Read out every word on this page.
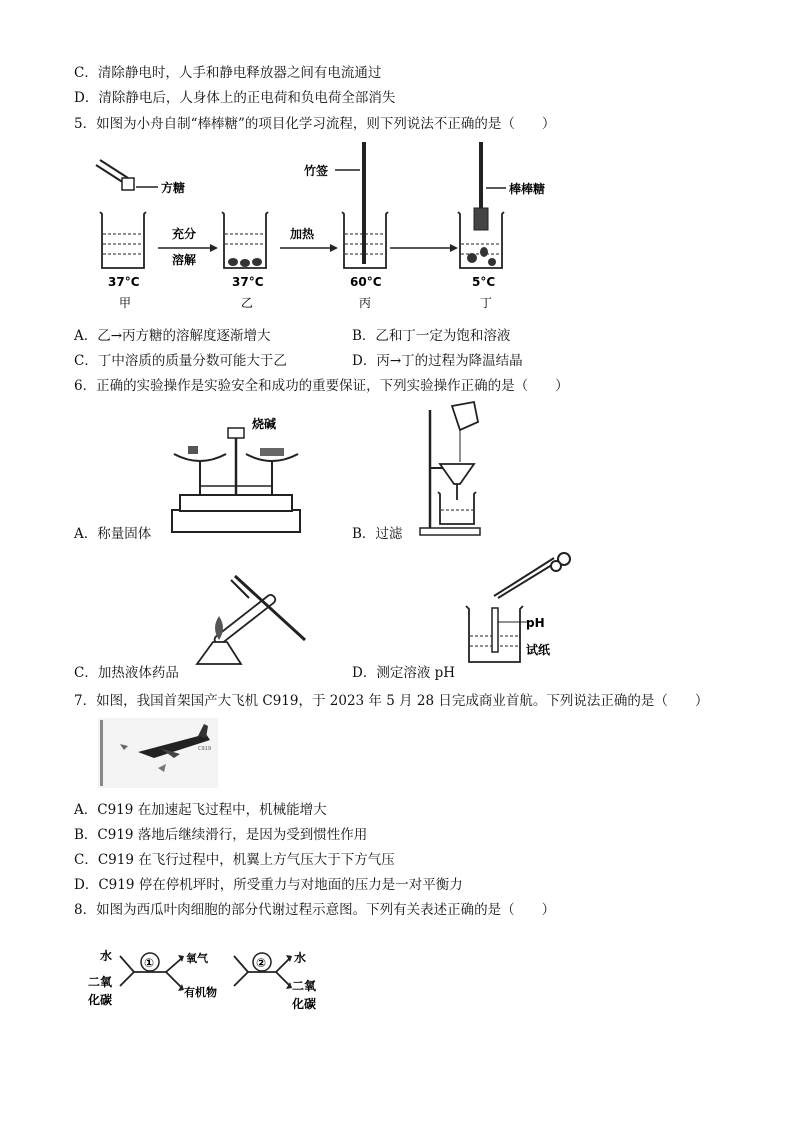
C．清除静电时，人手和静电释放器之间有电流通过
D．清除静电后，人身体上的正电荷和负电荷全部消失
5．如图为小舟自制“棒棒糖”的项目化学习流程，则下列说法不正确的是（　　）
方糖
充分
溶解
加热
竹签
棒棒糖
37°C	37°C	60°C	5°C
甲	乙	丙	丁
A．乙→丙方糖的溶解度逐渐增大	B．乙和丁一定为饱和溶液
C．丁中溶质的质量分数可能大于乙	D．丙→丁的过程为降温结晶
6．正确的实验操作是实验安全和成功的重要保证，下列实验操作正确的是（　　）
烧碱
A．称量固体	B．过滤
pH
试纸
C．加热液体药品	D．测定溶液 pH
7．如图，我国首架国产大飞机 C919，于 2023 年 5 月 28 日完成商业首航。下列说法正确的是（　　）
C919
A．C919 在加速起飞过程中，机械能增大
B．C919 落地后继续滑行，是因为受到惯性作用
C．C919 在飞行过程中，机翼上方气压大于下方气压
D．C919 停在停机坪时，所受重力与对地面的压力是一对平衡力
8．如图为西瓜叶肉细胞的部分代谢过程示意图。下列有关表述正确的是（　　）
水
二氧
化碳
①	氧气
有机物
② 水
二氧
化碳
